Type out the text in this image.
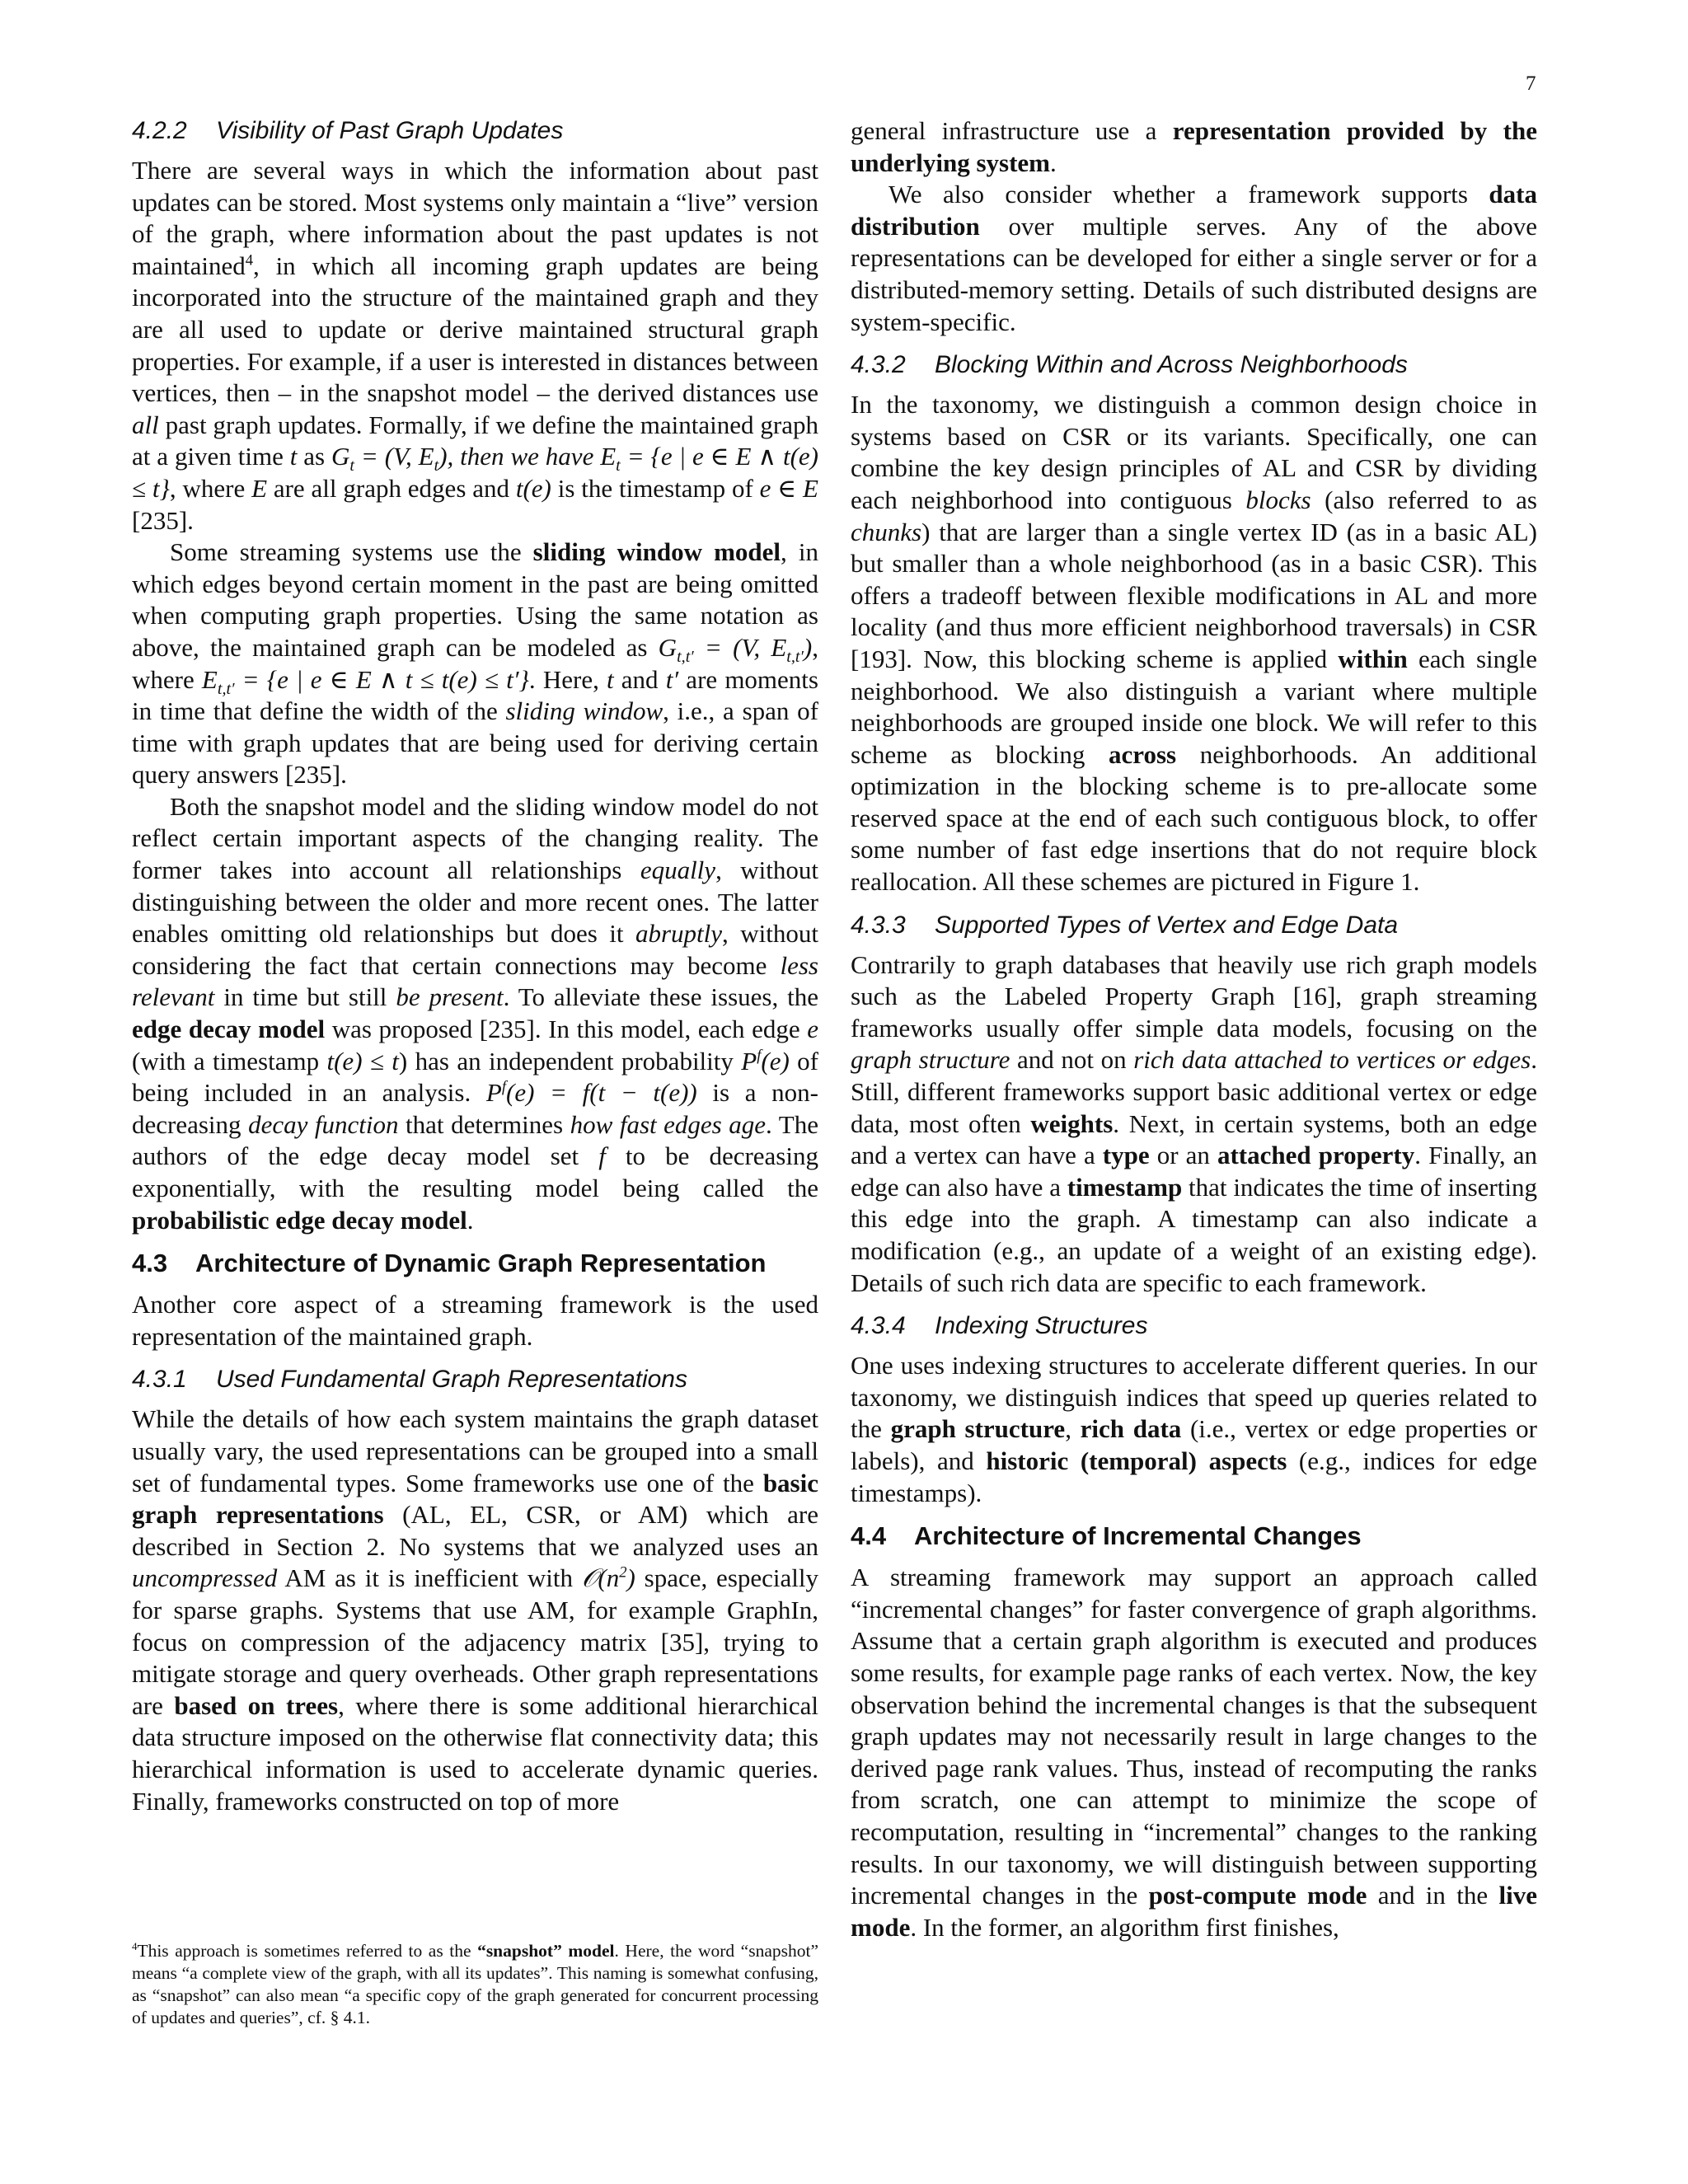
7
4.2.2 Visibility of Past Graph Updates

There are several ways in which the information about past updates can be stored. Most systems only maintain a “live” version of the graph, where information about the past updates is not maintained$^4$, in which all incoming graph updates are being incorporated into the structure of the maintained graph and they are all used to update or derive maintained structural graph properties. For example, if a user is interested in distances between vertices, then – in the snapshot model – the derived distances use all past graph updates. Formally, if we define the maintained graph at a given time t as $G_t = (V$, $E_t$), then we have $E_t = \{e$ | e ∈ E ∧ t(e) ≤ t}, where E are all graph edges and t(e) is the timestamp of e ∈ E [235].

Some streaming systems use the sliding window model, in which edges beyond certain moment in the past are being omitted when computing graph properties. Using the same notation as above, the maintained graph can be modeled as $G_{t,t'} = (V$, $E_{t,t'}$), where $E_{t,t'} = \{e$ | e ∈ E ∧ t ≤ t(e) ≤ t′}. Here, t and t′ are moments in time that define the width of the sliding window, i.e., a span of time with graph updates that are being used for deriving certain query answers [235].

Both the snapshot model and the sliding window model do not reflect certain important aspects of the changing reality. The former takes into account all relationships equally, without distinguishing between the older and more recent ones. The latter enables omitting old relationships but does it abruptly, without considering the fact that certain connections may become less relevant in time but still be present. To alleviate these issues, the edge decay model was proposed [235]. In this model, each edge e (with a timestamp t(e) ≤ t) has an independent probability $P^f(e)$ of being included in an analysis. $P^f(e) = f(t - t(e))$ is a non-decreasing decay function that determines how fast edges age. The authors of the edge decay model set f to be decreasing exponentially, with the resulting model being called the probabilistic edge decay model.

4.3 Architecture of Dynamic Graph Representation

Another core aspect of a streaming framework is the used representation of the maintained graph.

4.3.1 Used Fundamental Graph Representations

While the details of how each system maintains the graph dataset usually vary, the used representations can be grouped into a small set of fundamental types. Some frameworks use one of the basic graph representations (AL, EL, CSR, or AM) which are described in Section 2. No systems that we analyzed uses an uncompressed AM as it is inefficient with $𝒪(n^2)$ space, especially for sparse graphs. Systems that use AM, for example GraphIn, focus on compression of the adjacency matrix [35], trying to mitigate storage and query overheads. Other graph representations are based on trees, where there is some additional hierarchical data structure imposed on the otherwise flat connectivity data; this hierarchical information is used to accelerate dynamic queries. Finally, frameworks constructed on top of more

$^4$This approach is sometimes referred to as the “snapshot” model. Here, the word “snapshot” means “a complete view of the graph, with all its updates”. This naming is somewhat confusing, as “snapshot” can also mean “a specific copy of the graph generated for concurrent processing of updates and queries”, cf. § 4.1.

general infrastructure use a representation provided by the underlying system.

We also consider whether a framework supports data distribution over multiple serves. Any of the above representations can be developed for either a single server or for a distributed-memory setting. Details of such distributed designs are system-specific.

4.3.2 Blocking Within and Across Neighborhoods

In the taxonomy, we distinguish a common design choice in systems based on CSR or its variants. Specifically, one can combine the key design principles of AL and CSR by dividing each neighborhood into contiguous blocks (also referred to as chunks) that are larger than a single vertex ID (as in a basic AL) but smaller than a whole neighborhood (as in a basic CSR). This offers a tradeoff between flexible modifications in AL and more locality (and thus more efficient neighborhood traversals) in CSR [193]. Now, this blocking scheme is applied within each single neighborhood. We also distinguish a variant where multiple neighborhoods are grouped inside one block. We will refer to this scheme as blocking across neighborhoods. An additional optimization in the blocking scheme is to pre-allocate some reserved space at the end of each such contiguous block, to offer some number of fast edge insertions that do not require block reallocation. All these schemes are pictured in Figure 1.

4.3.3 Supported Types of Vertex and Edge Data

Contrarily to graph databases that heavily use rich graph models such as the Labeled Property Graph [16], graph streaming frameworks usually offer simple data models, focusing on the graph structure and not on rich data attached to vertices or edges. Still, different frameworks support basic additional vertex or edge data, most often weights. Next, in certain systems, both an edge and a vertex can have a type or an attached property. Finally, an edge can also have a timestamp that indicates the time of inserting this edge into the graph. A timestamp can also indicate a modification (e.g., an update of a weight of an existing edge). Details of such rich data are specific to each framework.

4.3.4 Indexing Structures

One uses indexing structures to accelerate different queries. In our taxonomy, we distinguish indices that speed up queries related to the graph structure, rich data (i.e., vertex or edge properties or labels), and historic (temporal) aspects (e.g., indices for edge timestamps).

4.4 Architecture of Incremental Changes

A streaming framework may support an approach called “incremental changes” for faster convergence of graph algorithms. Assume that a certain graph algorithm is executed and produces some results, for example page ranks of each vertex. Now, the key observation behind the incremental changes is that the subsequent graph updates may not necessarily result in large changes to the derived page rank values. Thus, instead of recomputing the ranks from scratch, one can attempt to minimize the scope of recomputation, resulting in “incremental” changes to the ranking results. In our taxonomy, we will distinguish between supporting incremental changes in the post-compute mode and in the live mode. In the former, an algorithm first finishes,
